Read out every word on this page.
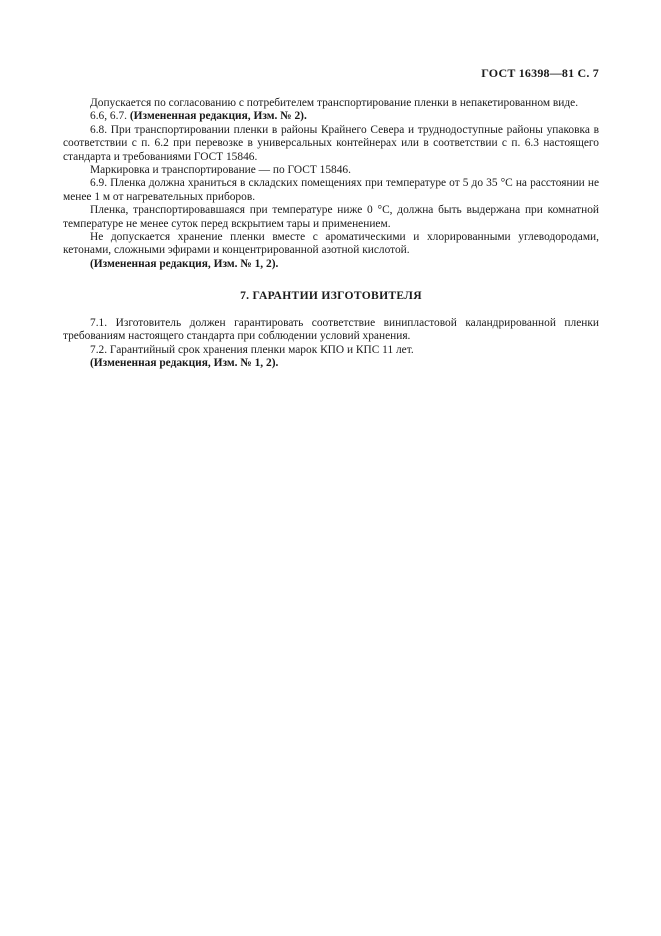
ГОСТ 16398—81 С. 7

Допускается по согласованию с потребителем транспортирование пленки в непакетированном виде.

6.6, 6.7. (Измененная редакция, Изм. № 2).

6.8. При транспортировании пленки в районы Крайнего Севера и труднодоступные районы упаковка в соответствии с п. 6.2 при перевозке в универсальных контейнерах или в соответствии с п. 6.3 настоящего стандарта и требованиями ГОСТ 15846.

Маркировка и транспортирование — по ГОСТ 15846.

6.9. Пленка должна храниться в складских помещениях при температуре от 5 до 35 °С на расстоянии не менее 1 м от нагревательных приборов.

Пленка, транспортировавшаяся при температуре ниже 0 °С, должна быть выдержана при комнатной температуре не менее суток перед вскрытием тары и применением.

Не допускается хранение пленки вместе с ароматическими и хлорированными углеводородами, кетонами, сложными эфирами и концентрированной азотной кислотой.

(Измененная редакция, Изм. № 1, 2).

7. ГАРАНТИИ ИЗГОТОВИТЕЛЯ

7.1. Изготовитель должен гарантировать соответствие винипластовой каландрированной пленки требованиям настоящего стандарта при соблюдении условий хранения.

7.2. Гарантийный срок хранения пленки марок КПО и КПС 11 лет.

(Измененная редакция, Изм. № 1, 2).
